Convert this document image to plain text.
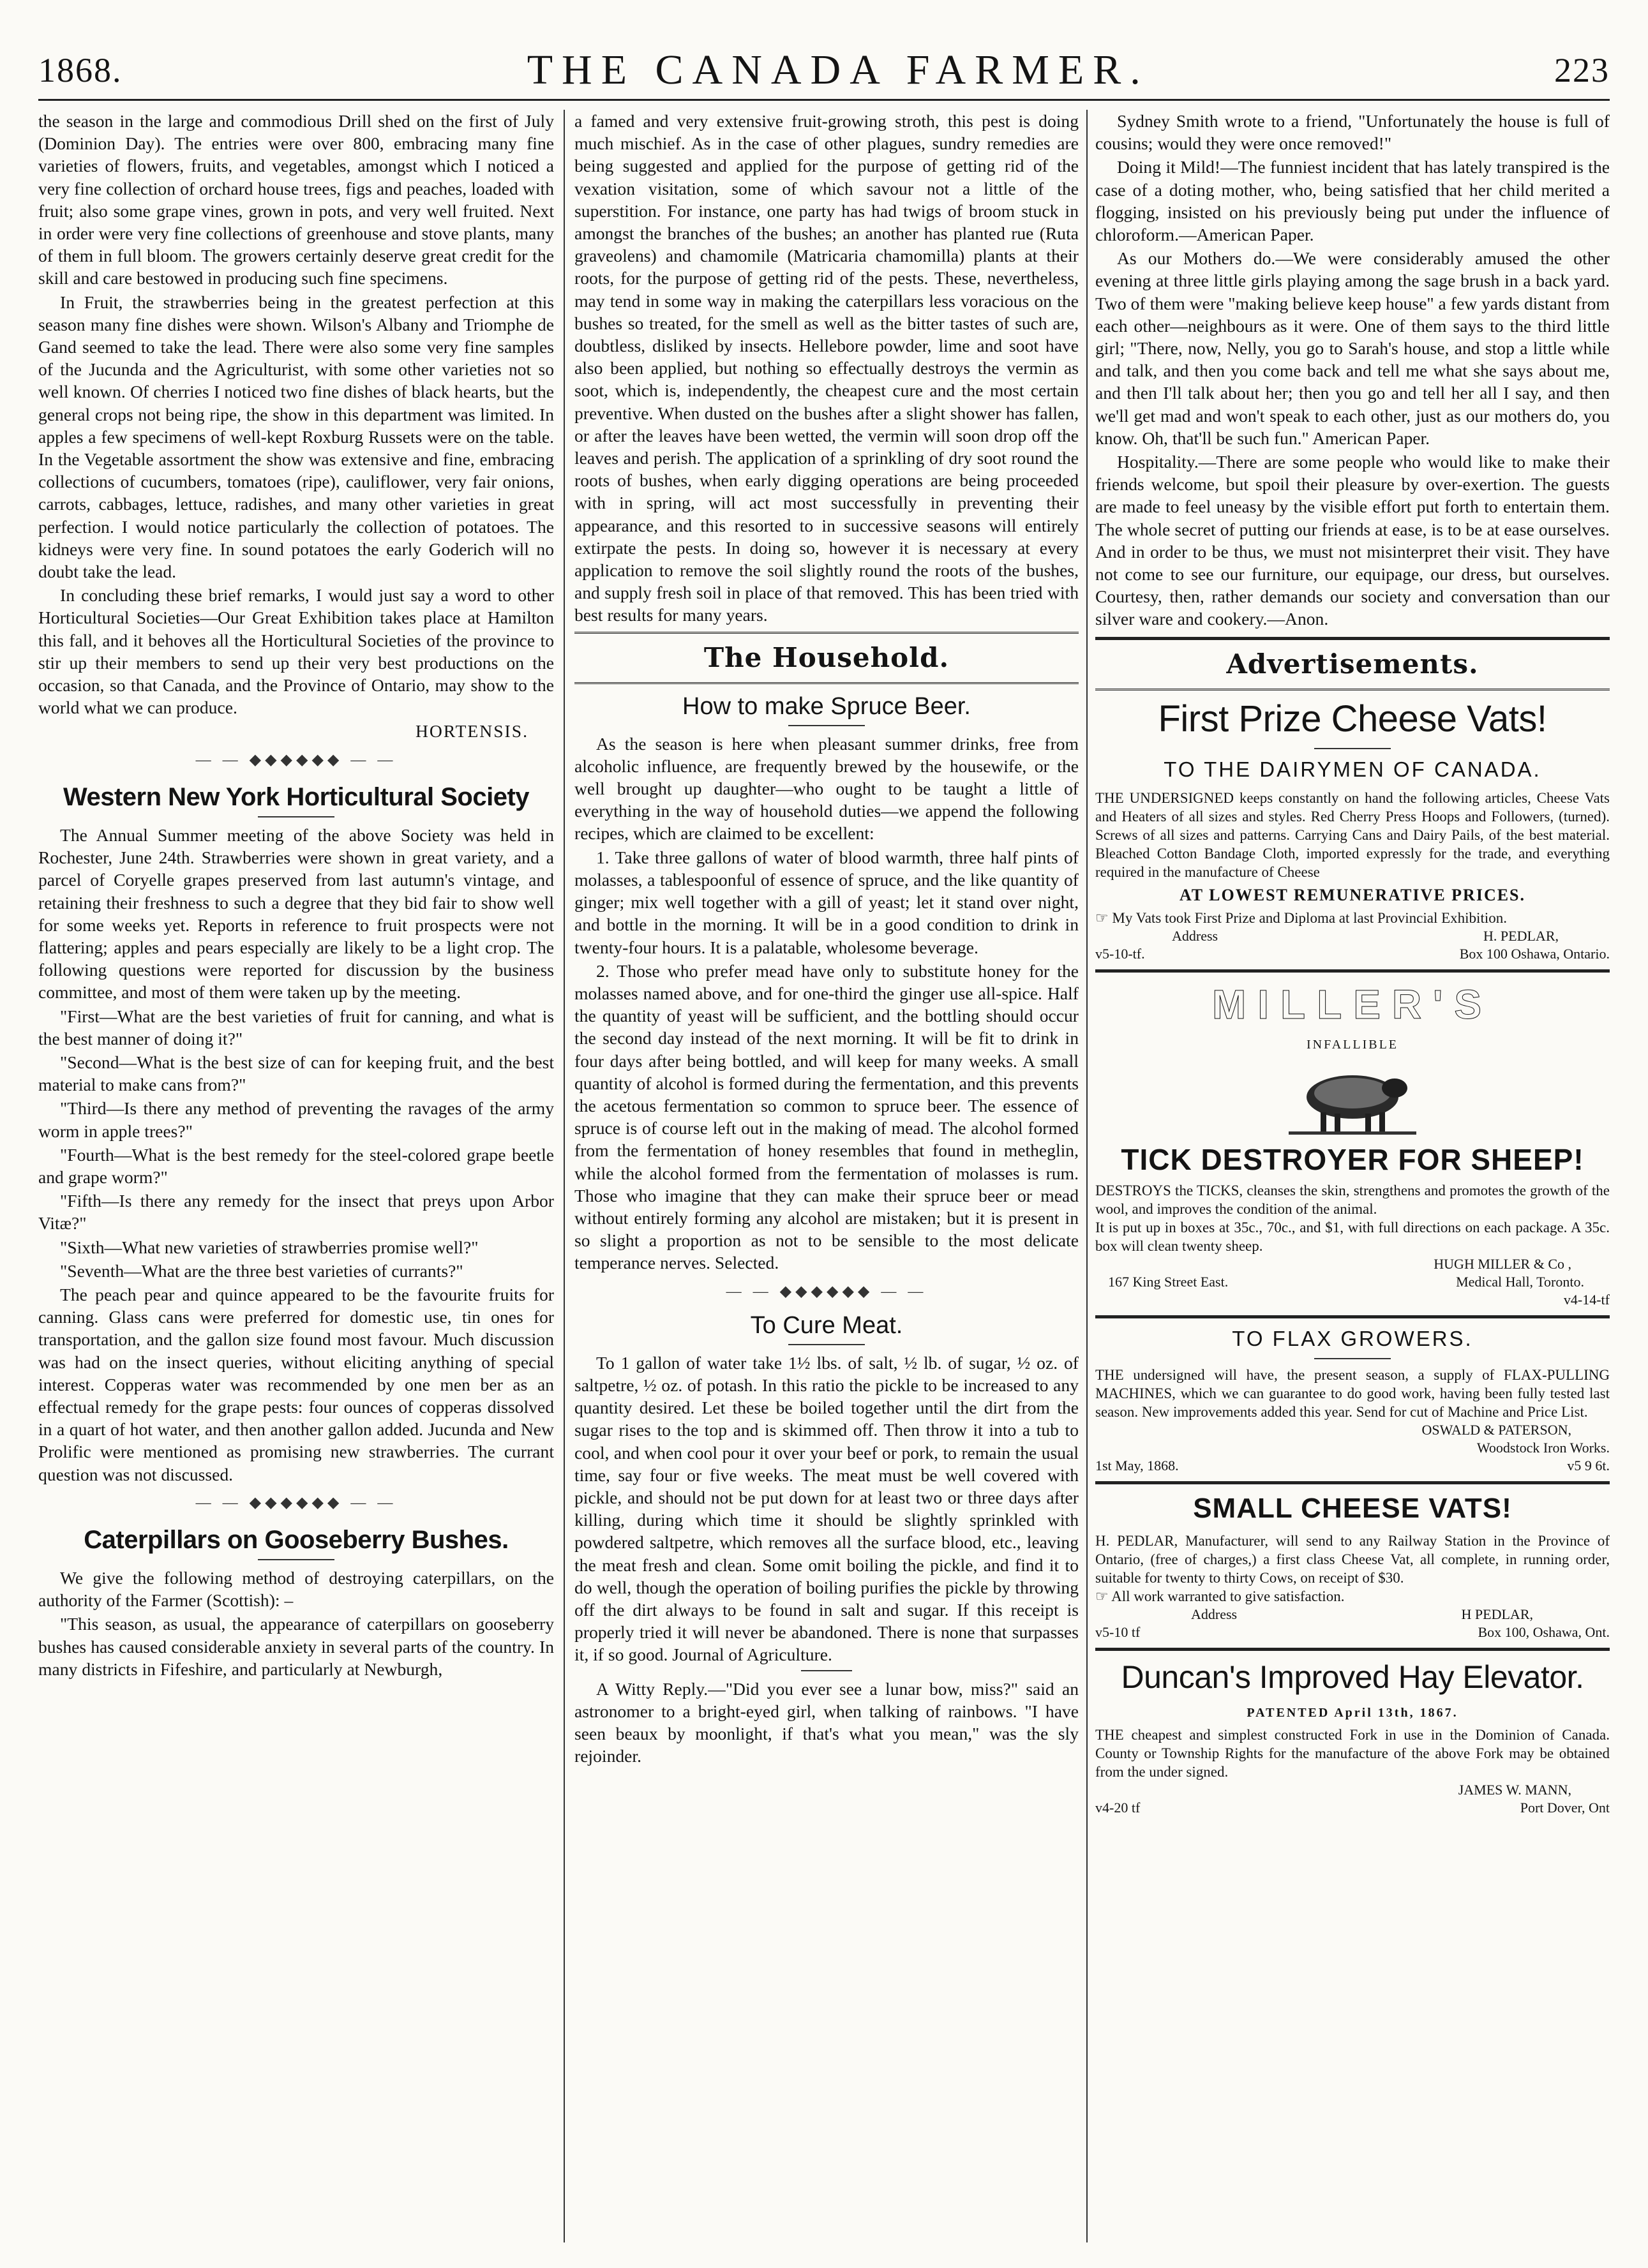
1868.	THE CANADA FARMER.	223

the season in the large and commodious Drill shed on the first of July (Dominion Day). The entries were over 800, embracing many fine varieties of flowers, fruits, and vegetables, amongst which I noticed a very fine collection of orchard house trees, figs and peaches, loaded with fruit; also some grape vines, grown in pots, and very well fruited. Next in order were very fine collections of greenhouse and stove plants, many of them in full bloom. The growers certainly deserve great credit for the skill and care bestowed in producing such fine specimens.

In Fruit, the strawberries being in the greatest perfection at this season many fine dishes were shown. Wilson's Albany and Triomphe de Gand seemed to take the lead. There were also some very fine samples of the Jucunda and the Agriculturist, with some other varieties not so well known. Of cherries I noticed two fine dishes of black hearts, but the general crops not being ripe, the show in this department was limited. In apples a few specimens of well-kept Roxburg Russets were on the table. In the Vegetable assortment the show was extensive and fine, embracing collections of cucumbers, tomatoes (ripe), cauliflower, very fair onions, carrots, cabbages, lettuce, radishes, and many other varieties in great perfection. I would notice particularly the collection of potatoes. The kidneys were very fine. In sound potatoes the early Goderich will no doubt take the lead.

In concluding these brief remarks, I would just say a word to other Horticultural Societies—Our Great Exhibition takes place at Hamilton this fall, and it behoves all the Horticultural Societies of the province to stir up their members to send up their very best productions on the occasion, so that Canada, and the Province of Ontario, may show to the world what we can produce.

HORTENSIS.

— — ◆◆◆◆◆◆ — —
Western New York Horticultural Society

The Annual Summer meeting of the above Society was held in Rochester, June 24th. Strawberries were shown in great variety, and a parcel of Coryelle grapes preserved from last autumn's vintage, and retaining their freshness to such a degree that they bid fair to show well for some weeks yet. Reports in reference to fruit prospects were not flattering; apples and pears especially are likely to be a light crop. The following questions were reported for discussion by the business committee, and most of them were taken up by the meeting.

"First—What are the best varieties of fruit for canning, and what is the best manner of doing it?"

"Second—What is the best size of can for keeping fruit, and the best material to make cans from?"

"Third—Is there any method of preventing the ravages of the army worm in apple trees?"

"Fourth—What is the best remedy for the steel-colored grape beetle and grape worm?"

"Fifth—Is there any remedy for the insect that preys upon Arbor Vitæ?"

"Sixth—What new varieties of strawberries promise well?"

"Seventh—What are the three best varieties of currants?"

The peach pear and quince appeared to be the favourite fruits for canning. Glass cans were preferred for domestic use, tin ones for transportation, and the gallon size found most favour. Much discussion was had on the insect queries, without eliciting anything of special interest. Copperas water was recommended by one men ber as an effectual remedy for the grape pests: four ounces of copperas dissolved in a quart of hot water, and then another gallon added. Jucunda and New Prolific were mentioned as promising new strawberries. The currant question was not discussed.

— — ◆◆◆◆◆◆ — —
Caterpillars on Gooseberry Bushes.

We give the following method of destroying caterpillars, on the authority of the Farmer (Scottish): –

"This season, as usual, the appearance of caterpillars on gooseberry bushes has caused considerable anxiety in several parts of the country. In many districts in Fifeshire, and particularly at Newburgh,

a famed and very extensive fruit-growing stroth, this pest is doing much mischief. As in the case of other plagues, sundry remedies are being suggested and applied for the purpose of getting rid of the vexation visitation, some of which savour not a little of the superstition. For instance, one party has had twigs of broom stuck in amongst the branches of the bushes; an another has planted rue (Ruta graveolens) and chamomile (Matricaria chamomilla) plants at their roots, for the purpose of getting rid of the pests. These, nevertheless, may tend in some way in making the caterpillars less voracious on the bushes so treated, for the smell as well as the bitter tastes of such are, doubtless, disliked by insects. Hellebore powder, lime and soot have also been applied, but nothing so effectually destroys the vermin as soot, which is, independently, the cheapest cure and the most certain preventive. When dusted on the bushes after a slight shower has fallen, or after the leaves have been wetted, the vermin will soon drop off the leaves and perish. The application of a sprinkling of dry soot round the roots of bushes, when early digging operations are being proceeded with in spring, will act most successfully in preventing their appearance, and this resorted to in successive seasons will entirely extirpate the pests. In doing so, however it is necessary at every application to remove the soil slightly round the roots of the bushes, and supply fresh soil in place of that removed. This has been tried with best results for many years.

The Household.
How to make Spruce Beer.

As the season is here when pleasant summer drinks, free from alcoholic influence, are frequently brewed by the housewife, or the well brought up daughter—who ought to be taught a little of everything in the way of household duties—we append the following recipes, which are claimed to be excellent:

1. Take three gallons of water of blood warmth, three half pints of molasses, a tablespoonful of essence of spruce, and the like quantity of ginger; mix well together with a gill of yeast; let it stand over night, and bottle in the morning. It will be in a good condition to drink in twenty-four hours. It is a palatable, wholesome beverage.

2. Those who prefer mead have only to substitute honey for the molasses named above, and for one-third the ginger use all-spice. Half the quantity of yeast will be sufficient, and the bottling should occur the second day instead of the next morning. It will be fit to drink in four days after being bottled, and will keep for many weeks. A small quantity of alcohol is formed during the fermentation, and this prevents the acetous fermentation so common to spruce beer. The essence of spruce is of course left out in the making of mead. The alcohol formed from the fermentation of honey resembles that found in metheglin, while the alcohol formed from the fermentation of molasses is rum. Those who imagine that they can make their spruce beer or mead without entirely forming any alcohol are mistaken; but it is present in so slight a proportion as not to be sensible to the most delicate temperance nerves. Selected.

— — ◆◆◆◆◆◆ — —
To Cure Meat.

To 1 gallon of water take 1½ lbs. of salt, ½ lb. of sugar, ½ oz. of saltpetre, ½ oz. of potash. In this ratio the pickle to be increased to any quantity desired. Let these be boiled together until the dirt from the sugar rises to the top and is skimmed off. Then throw it into a tub to cool, and when cool pour it over your beef or pork, to remain the usual time, say four or five weeks. The meat must be well covered with pickle, and should not be put down for at least two or three days after killing, during which time it should be slightly sprinkled with powdered saltpetre, which removes all the surface blood, etc., leaving the meat fresh and clean. Some omit boiling the pickle, and find it to do well, though the operation of boiling purifies the pickle by throwing off the dirt always to be found in salt and sugar. If this receipt is properly tried it will never be abandoned. There is none that surpasses it, if so good. Journal of Agriculture.

A Witty Reply.—"Did you ever see a lunar bow, miss?" said an astronomer to a bright-eyed girl, when talking of rainbows. "I have seen beaux by moonlight, if that's what you mean," was the sly rejoinder.

Sydney Smith wrote to a friend, "Unfortunately the house is full of cousins; would they were once removed!"

Doing it Mild!—The funniest incident that has lately transpired is the case of a doting mother, who, being satisfied that her child merited a flogging, insisted on his previously being put under the influence of chloroform.—American Paper.

As our Mothers do.—We were considerably amused the other evening at three little girls playing among the sage brush in a back yard. Two of them were "making believe keep house" a few yards distant from each other—neighbours as it were. One of them says to the third little girl; "There, now, Nelly, you go to Sarah's house, and stop a little while and talk, and then you come back and tell me what she says about me, and then I'll talk about her; then you go and tell her all I say, and then we'll get mad and won't speak to each other, just as our mothers do, you know. Oh, that'll be such fun." American Paper.

Hospitality.—There are some people who would like to make their friends welcome, but spoil their pleasure by over-exertion. The guests are made to feel uneasy by the visible effort put forth to entertain them. The whole secret of putting our friends at ease, is to be at ease ourselves. And in order to be thus, we must not misinterpret their visit. They have not come to see our furniture, our equipage, our dress, but ourselves. Courtesy, then, rather demands our society and conversation than our silver ware and cookery.—Anon.

Advertisements.
First Prize Cheese Vats!
TO THE DAIRYMEN OF CANADA.
THE UNDERSIGNED keeps constantly on hand the following articles, Cheese Vats and Heaters of all sizes and styles. Red Cherry Press Hoops and Followers, (turned). Screws of all sizes and patterns. Carrying Cans and Dairy Pails, of the best material. Bleached Cotton Bandage Cloth, imported expressly for the trade, and everything required in the manufacture of Cheese
AT LOWEST REMUNERATIVE PRICES.
☞ My Vats took First Prize and Diploma at last Provincial Exhibition.
Address	H. PEDLAR,
v5-10-tf.	Box 100 Oshawa, Ontario.
MILLER'S
INFALLIBLE
TICK DESTROYER FOR SHEEP!
DESTROYS the TICKS, cleanses the skin, strengthens and promotes the growth of the wool, and improves the condition of the animal.
It is put up in boxes at 35c., 70c., and $1, with full directions on each package. A 35c. box will clean twenty sheep.
HUGH MILLER & Co ,
167 King Street East.	Medical Hall, Toronto.
v4-14-tf
TO FLAX GROWERS.
THE undersigned will have, the present season, a supply of FLAX-PULLING MACHINES, which we can guarantee to do good work, having been fully tested last season. New improvements added this year. Send for cut of Machine and Price List.
OSWALD & PATERSON,
Woodstock Iron Works.
1st May, 1868.	v5 9 6t.
SMALL CHEESE VATS!
H. PEDLAR, Manufacturer, will send to any Railway Station in the Province of Ontario, (free of charges,) a first class Cheese Vat, all complete, in running order, suitable for twenty to thirty Cows, on receipt of $30.
☞ All work warranted to give satisfaction.
Address	H PEDLAR,
v5-10 tf	Box 100, Oshawa, Ont.
Duncan's Improved Hay Elevator.
PATENTED April 13th, 1867.
THE cheapest and simplest constructed Fork in use in the Dominion of Canada. County or Township Rights for the manufacture of the above Fork may be obtained from the under signed.
JAMES W. MANN,
v4-20 tf	Port Dover, Ont
